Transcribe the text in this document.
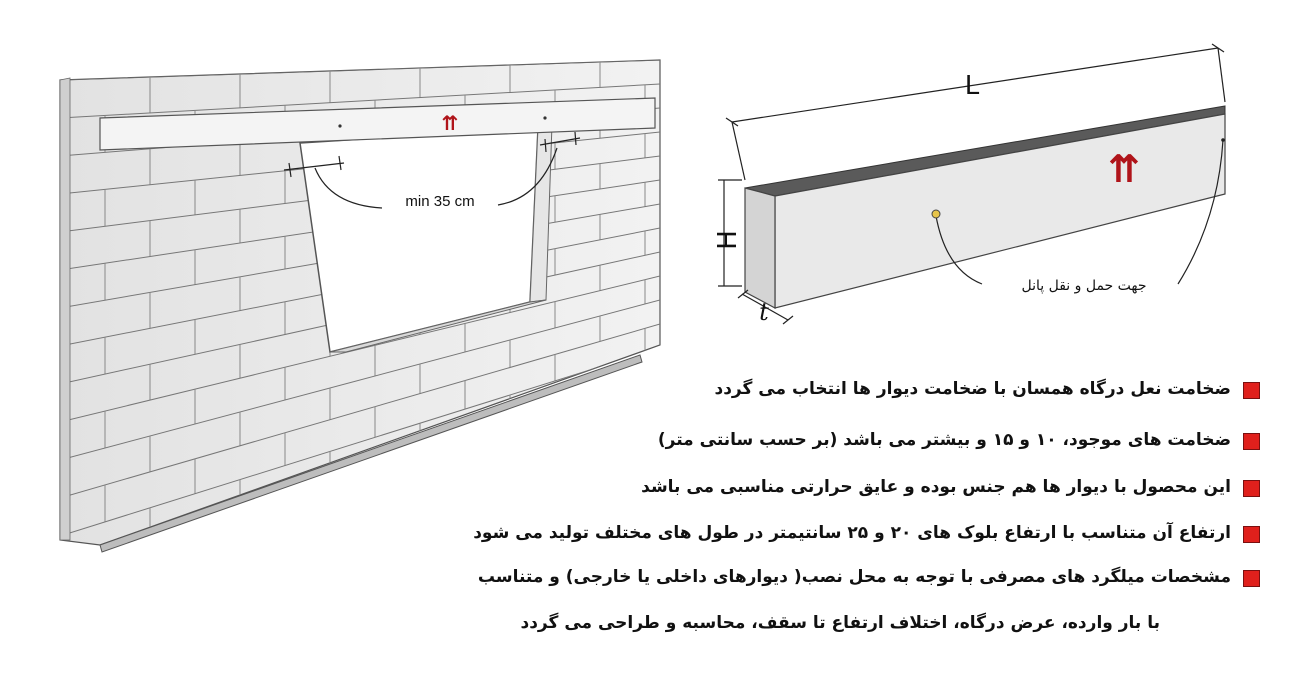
min 35 cm
⇈
L
H
t
⇈
جهت حمل و نقل پانل
ضخامت نعل درگاه همسان با ضخامت دیوار ها انتخاب می گردد
ضخامت های موجود، ۱۰ و ۱۵ و بیشتر می باشد (بر حسب سانتی متر)
این محصول با دیوار ها هم جنس بوده و عایق حرارتی مناسبی می باشد
ارتفاع آن متناسب با ارتفاع بلوک های ۲۰ و ۲۵ سانتیمتر در طول های مختلف تولید می شود
مشخصات میلگرد های مصرفی با توجه به محل نصب( دیوارهای داخلی یا خارجی) و متناسب
با بار وارده، عرض درگاه، اختلاف ارتفاع تا سقف، محاسبه و طراحی می گردد
